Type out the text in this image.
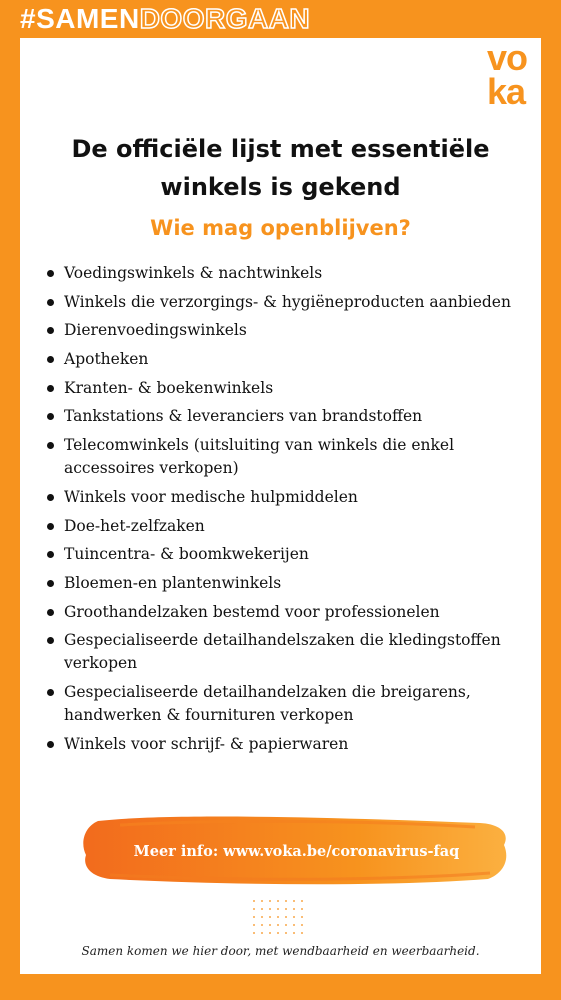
#SAMENDOORGAAN
vo
ka
De officiële lijst met essentiële winkels is gekend
Wie mag openblijven?
Voedingswinkels & nachtwinkels
Winkels die verzorgings- & hygiëneproducten aanbieden
Dierenvoedingswinkels
Apotheken
Kranten- & boekenwinkels
Tankstations & leveranciers van brandstoffen
Telecomwinkels (uitsluiting van winkels die enkel accessoires verkopen)
Winkels voor medische hulpmiddelen
Doe-het-zelfzaken
Tuincentra- & boomkwekerijen
Bloemen-en plantenwinkels
Groothandelzaken bestemd voor professionelen
Gespecialiseerde detailhandelszaken die kledingstoffen verkopen
Gespecialiseerde detailhandelzaken die breigarens, handwerken & fournituren verkopen
Winkels voor schrijf- & papierwaren
Meer info: www.voka.be/coronavirus-faq
Samen komen we hier door, met wendbaarheid en weerbaarheid.
